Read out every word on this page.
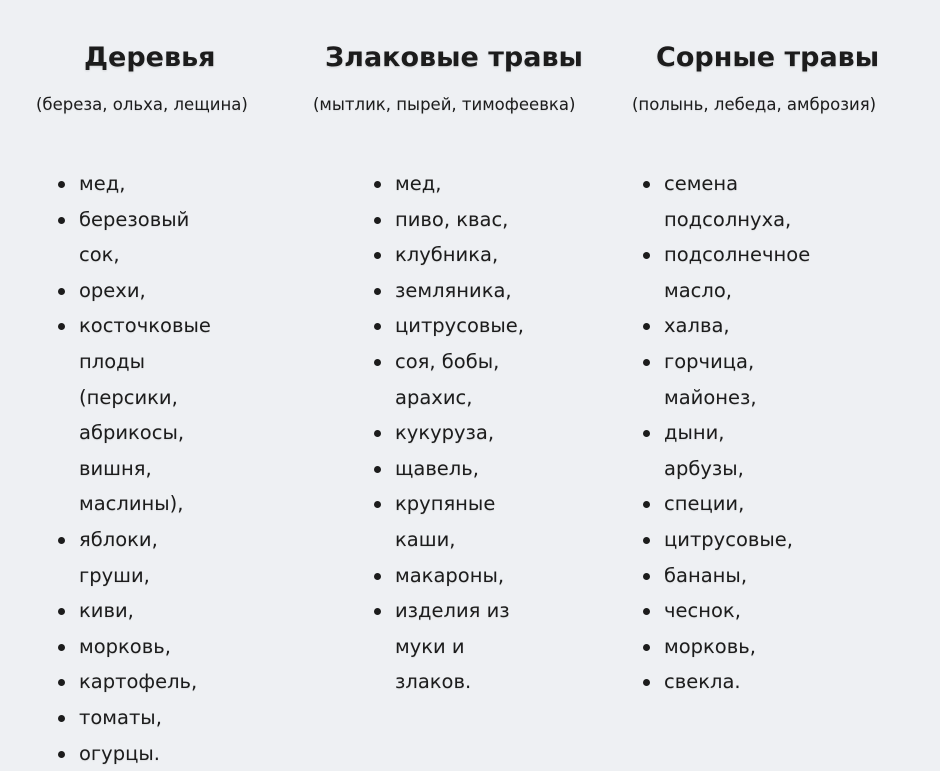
Деревья
(береза, ольха, лещина)
мед,
березовый сок,
орехи,
косточковые плоды
(персики, абрикосы,
вишня, маслины),
яблоки, груши,
киви,
морковь,
картофель,
томаты,
огурцы.
Злаковые травы
(мытлик, пырей, тимофеевка)
мед,
пиво, квас,
клубника,
земляника,
цитрусовые,
соя, бобы, арахис,
кукуруза,
щавель,
крупяные каши,
макароны,
изделия из муки и
злаков.
Сорные травы
(полынь, лебеда, амброзия)
семена подсолнуха,
подсолнечное масло,
халва,
горчица, майонез,
дыни, арбузы,
специи,
цитрусовые,
бананы,
чеснок,
морковь,
свекла.
